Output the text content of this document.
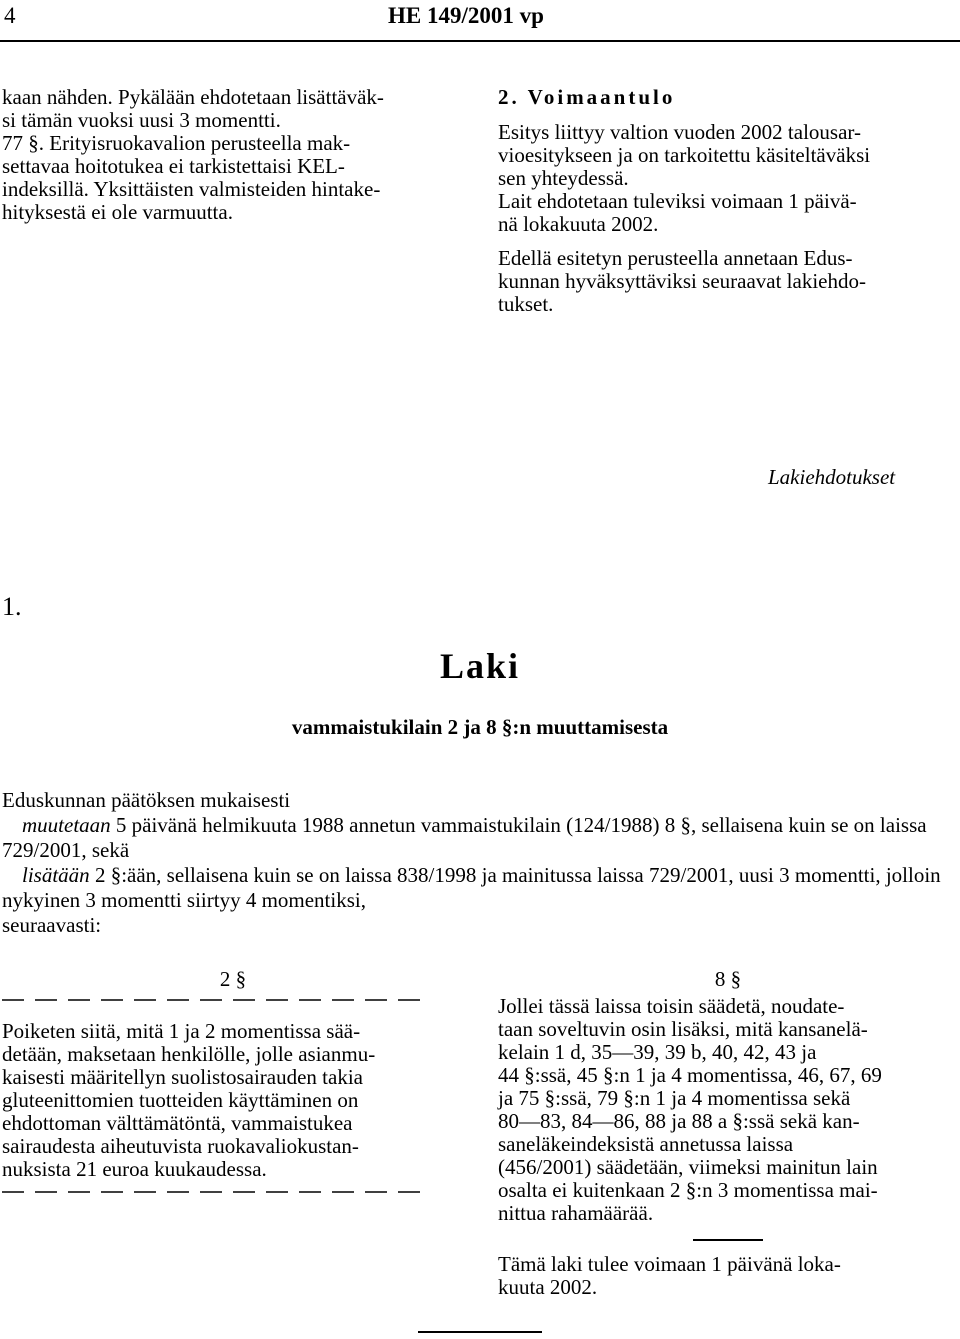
4	HE 149/2001 vp
kaan nähden. Pykälään ehdotetaan lisättäväk-
si tämän vuoksi uusi 3 momentti.
77 §. Erityisruokavalion perusteella mak-
settavaa hoitotukea ei tarkistettaisi KEL-
indeksillä. Yksittäisten valmisteiden hintake-
hityksestä ei ole varmuutta.
2. Voimaantulo
Esitys liittyy valtion vuoden 2002 talousar-
vioesitykseen ja on tarkoitettu käsiteltäväksi
sen yhteydessä.
Lait ehdotetaan tuleviksi voimaan 1 päivä-
nä lokakuuta 2002.
Edellä esitetyn perusteella annetaan Edus-
kunnan hyväksyttäviksi seuraavat lakiehdo-
tukset.
Lakiehdotukset
1.
Laki
vammaistukilain 2 ja 8 §:n muuttamisesta
Eduskunnan päätöksen mukaisesti
muutetaan 5 päivänä helmikuuta 1988 annetun vammaistukilain (124/1988) 8 §, sellaisena kuin se on laissa 729/2001, sekä
lisätään 2 §:ään, sellaisena kuin se on laissa 838/1998 ja mainitussa laissa 729/2001, uusi 3 momentti, jolloin nykyinen 3 momentti siirtyy 4 momentiksi,
seuraavasti:
2 §
Poiketen siitä, mitä 1 ja 2 momentissa sää-
detään, maksetaan henkilölle, jolle asianmu-
kaisesti määritellyn suolistosairauden takia
gluteenittomien tuotteiden käyttäminen on
ehdottoman välttämätöntä, vammaistukea
sairaudesta aiheutuvista ruokavaliokustan-
nuksista 21 euroa kuukaudessa.
8 §
Jollei tässä laissa toisin säädetä, noudate-
taan soveltuvin osin lisäksi, mitä kansanelä-
kelain 1 d, 35—39, 39 b, 40, 42, 43 ja
44 §:ssä, 45 §:n 1 ja 4 momentissa, 46, 67, 69
ja 75 §:ssä, 79 §:n 1 ja 4 momentissa sekä
80—83, 84—86, 88 ja 88 a §:ssä sekä kan-
saneläkeindeksistä annetussa laissa
(456/2001) säädetään, viimeksi mainitun lain
osalta ei kuitenkaan 2 §:n 3 momentissa mai-
nittua rahamäärää.
Tämä laki tulee voimaan 1 päivänä loka-
kuuta 2002.
